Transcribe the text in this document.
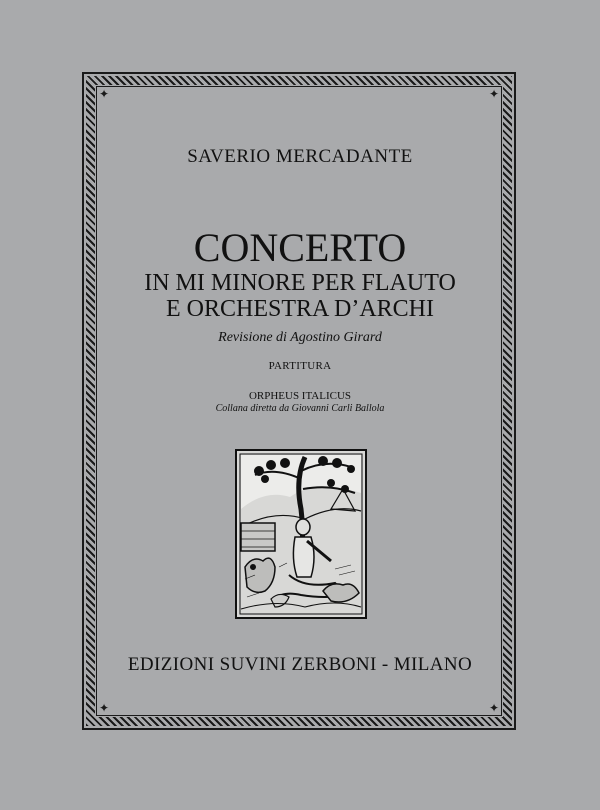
✦	✦
✦	✦
SAVERIO MERCADANTE
CONCERTO
IN MI MINORE PER FLAUTO
E ORCHESTRA D’ARCHI
Revisione di Agostino Girard
PARTITURA
ORPHEUS ITALICUS
Collana diretta da Giovanni Carli Ballola
EDIZIONI SUVINI ZERBONI - MILANO
